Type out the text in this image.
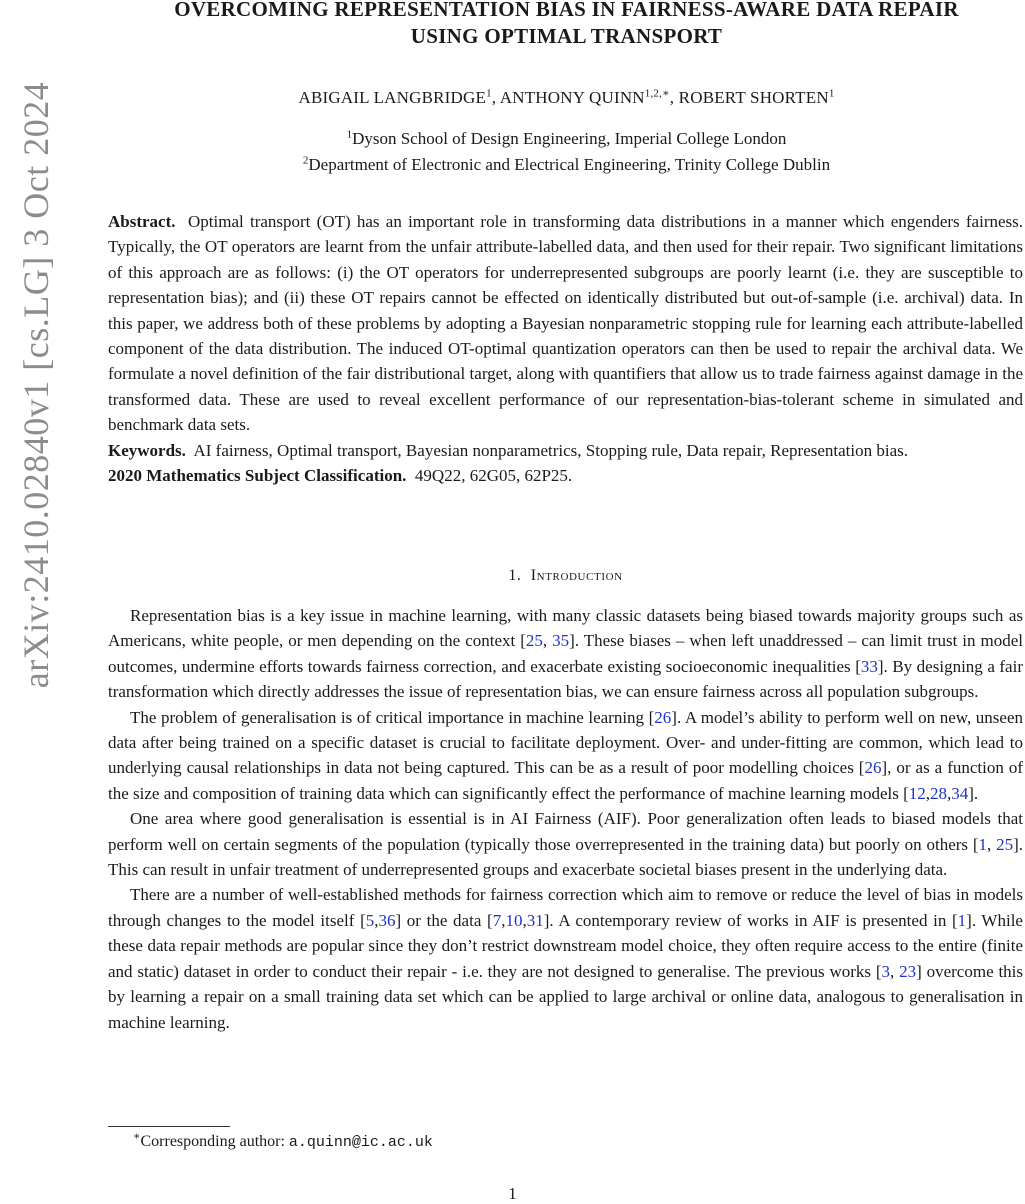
arXiv:2410.02840v1 [cs.LG] 3 Oct 2024
OVERCOMING REPRESENTATION BIAS IN FAIRNESS-AWARE DATA REPAIR
USING OPTIMAL TRANSPORT
ABIGAIL LANGBRIDGE$^1$, ANTHONY $QUINN^{1,2,∗}$, ROBERT SHORTEN$^1$
$^1$Dyson School of Design Engineering, Imperial College London
$^2$Department of Electronic and Electrical Engineering, Trinity College Dublin

Abstract. Optimal transport (OT) has an important role in transforming data distributions in a manner which engenders fairness. Typically, the OT operators are learnt from the unfair attribute-labelled data, and then used for their repair. Two significant limitations of this approach are as follows: (i) the OT operators for underrepresented subgroups are poorly learnt (i.e. they are susceptible to representation bias); and (ii) these OT repairs cannot be effected on identically distributed but out-of-sample (i.e. archival) data. In this paper, we address both of these problems by adopting a Bayesian nonparametric stopping rule for learning each attribute-labelled component of the data distribution. The induced OT-optimal quantization operators can then be used to repair the archival data. We formulate a novel definition of the fair distributional target, along with quantifiers that allow us to trade fairness against damage in the transformed data. These are used to reveal excellent performance of our representation-bias-tolerant scheme in simulated and benchmark data sets.

Keywords. AI fairness, Optimal transport, Bayesian nonparametrics, Stopping rule, Data repair, Representation bias.

2020 Mathematics Subject Classification. 49Q22, 62G05, 62P25.

1. Introduction

Representation bias is a key issue in machine learning, with many classic datasets being biased towards majority groups such as Americans, white people, or men depending on the context [25, 35]. These biases – when left unaddressed – can limit trust in model outcomes, undermine efforts towards fairness correction, and exacerbate existing socioeconomic inequalities [33]. By designing a fair transformation which directly addresses the issue of representation bias, we can ensure fairness across all population subgroups.

The problem of generalisation is of critical importance in machine learning [26]. A model’s ability to perform well on new, unseen data after being trained on a specific dataset is crucial to facilitate deployment. Over- and under-fitting are common, which lead to underlying causal relationships in data not being captured. This can be as a result of poor modelling choices [26], or as a function of the size and composition of training data which can significantly effect the performance of machine learning models [12,28,34].

One area where good generalisation is essential is in AI Fairness (AIF). Poor generalization often leads to biased models that perform well on certain segments of the population (typically those overrepresented in the training data) but poorly on others [1, 25]. This can result in unfair treatment of underrepresented groups and exacerbate societal biases present in the underlying data.

There are a number of well-established methods for fairness correction which aim to remove or reduce the level of bias in models through changes to the model itself [5,36] or the data [7,10,31]. A contemporary review of works in AIF is presented in [1]. While these data repair methods are popular since they don’t restrict downstream model choice, they often require access to the entire (finite and static) dataset in order to conduct their repair - i.e. they are not designed to generalise. The previous works [3, 23] overcome this by learning a repair on a small training data set which can be applied to large archival or online data, analogous to generalisation in machine learning.

∗Corresponding author: a.quinn@ic.ac.uk
1
